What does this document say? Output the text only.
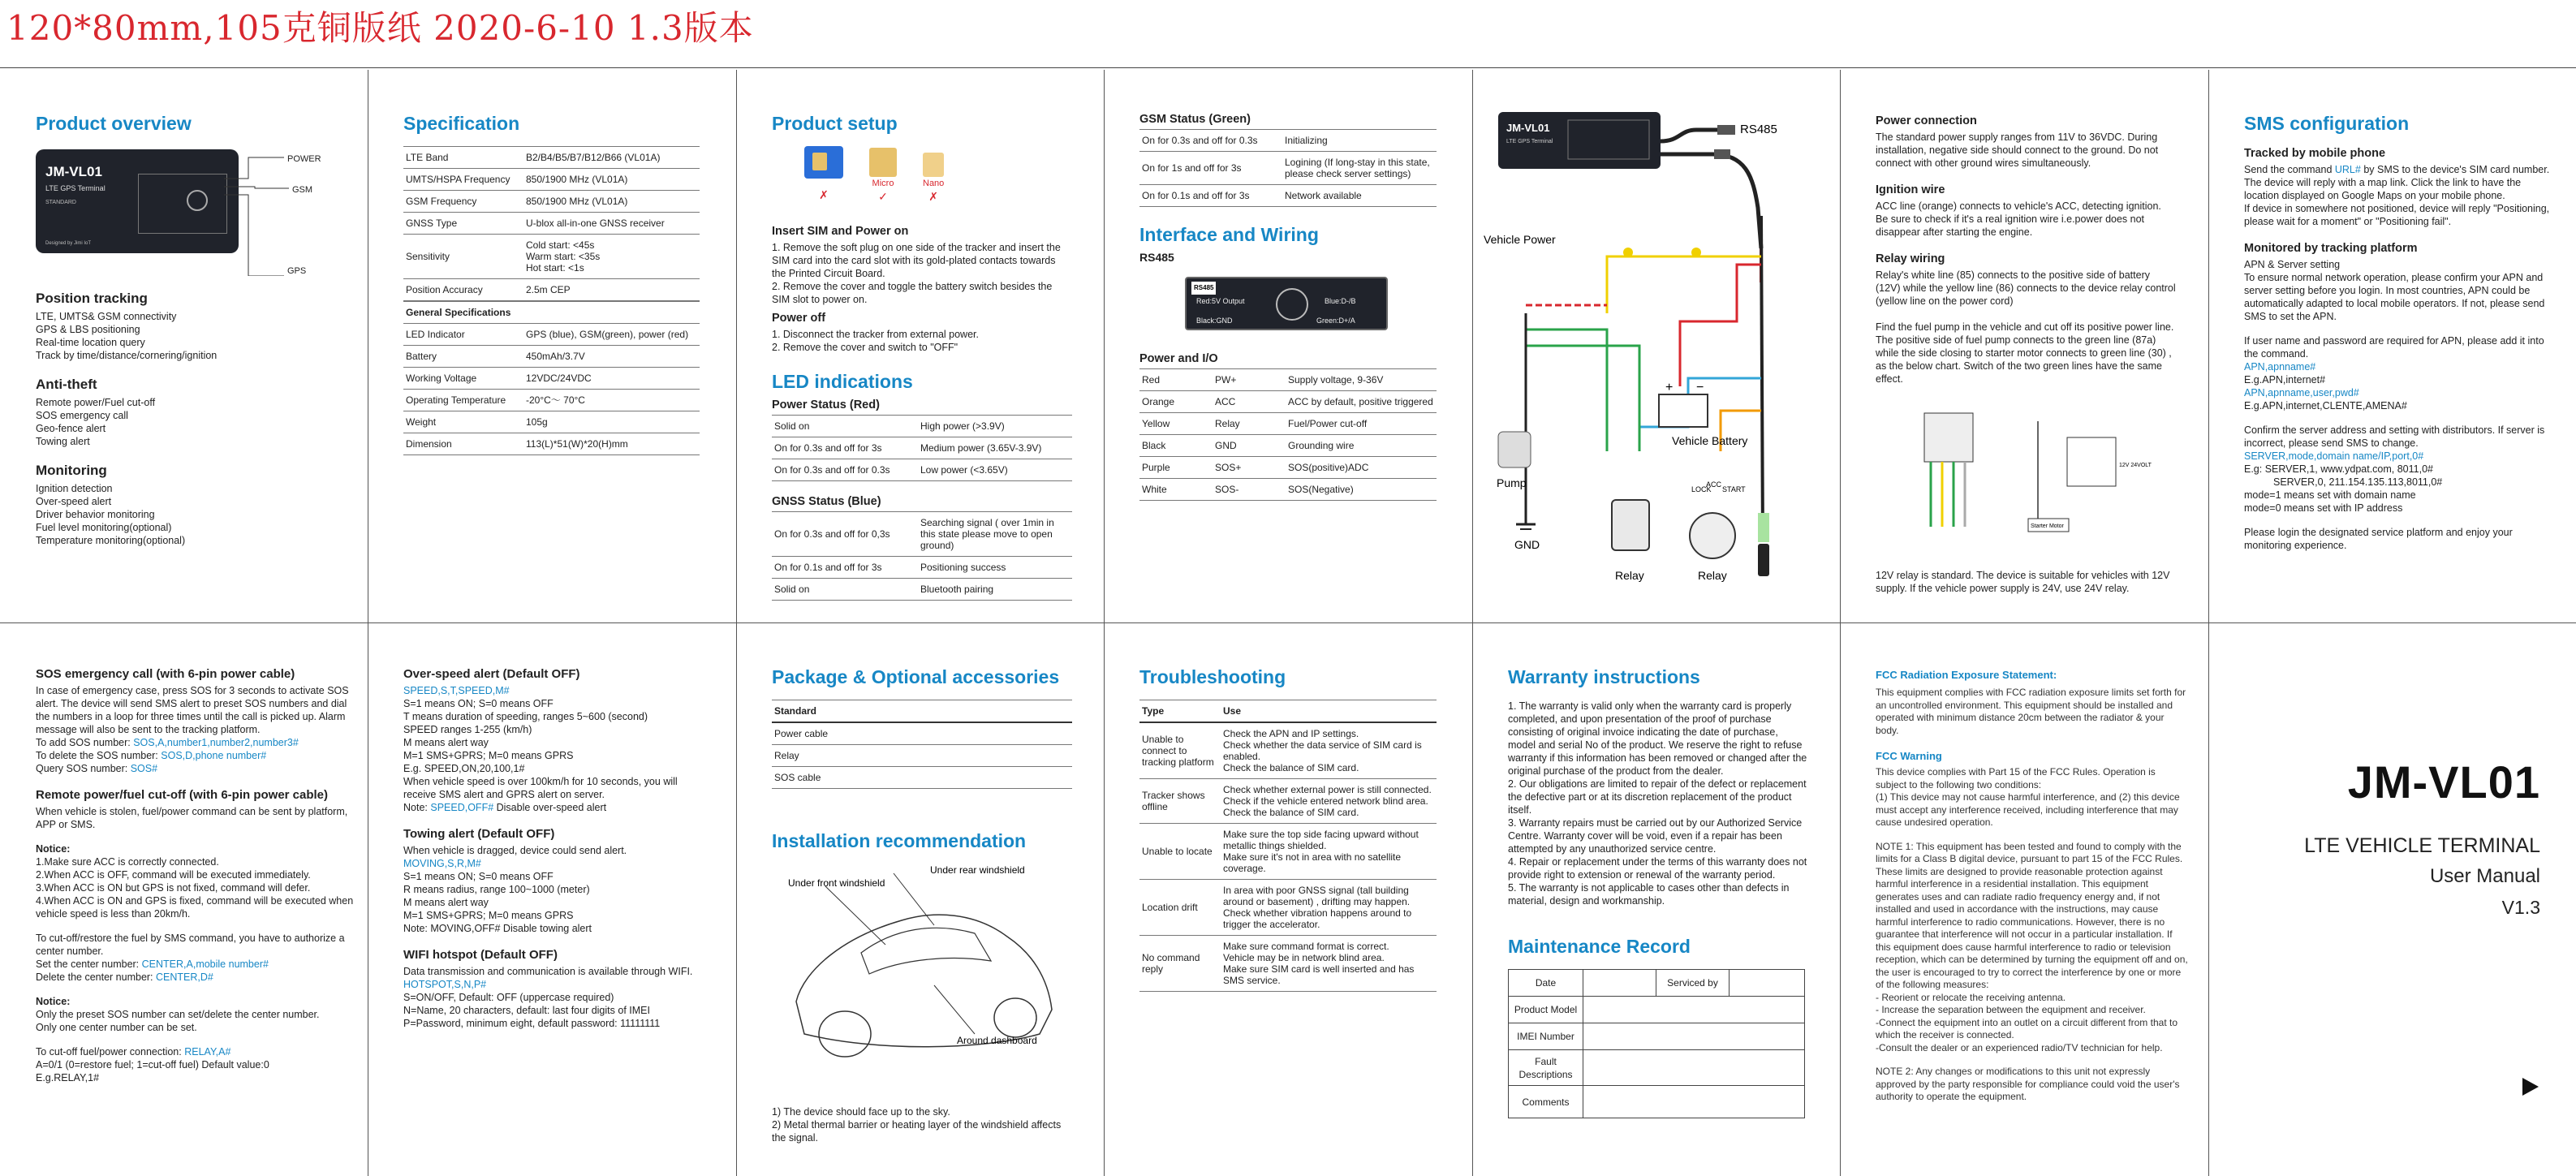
120*80mm,105克铜版纸 2020-6-10 1.3版本
Product overview
JM-VL01
LTE GPS Terminal
STANDARD
Designed by Jimi IoT
POWER
GSM
GPS
Position tracking
LTE, UMTS& GSM connectivity
GPS & LBS positioning
Real-time location query
Track by time/distance/cornering/ignition
Anti-theft
Remote power/Fuel cut-off
SOS emergency call
Geo-fence alert
Towing alert
Monitoring
Ignition detection
Over-speed alert
Driver behavior monitoring
Fuel level monitoring(optional)
Temperature monitoring(optional)
Specification
LTE Band	B2/B4/B5/B7/B12/B66 (VL01A)
UMTS/HSPA Frequency	850/1900 MHz (VL01A)
GSM Frequency	850/1900 MHz (VL01A)
GNSS Type	U-blox all-in-one GNSS receiver
Sensitivity	Cold start: <45s
Warm start: <35s
Hot start: <1s
Position Accuracy	2.5m CEP
General Specifications	
LED Indicator	GPS (blue), GSM(green), power (red)
Battery	450mAh/3.7V
Working Voltage	12VDC/24VDC
Operating Temperature	-20°C～ 70°C
Weight	105g
Dimension	113(L)*51(W)*20(H)mm
Product setup
✗
Micro
✓
Nano
✗
Insert SIM and Power on
1. Remove the soft plug on one side of the tracker and insert the SIM card into the card slot with its gold-plated contacts towards the Printed Circuit Board.
2. Remove the cover and toggle the battery switch besides the SIM slot to power on.
Power off
1. Disconnect the tracker from external power.
2. Remove the cover and switch to "OFF"
LED indications
Power Status (Red)
Solid on	High power (>3.9V)
On for 0.3s and off for 3s	Medium power (3.65V-3.9V)
On for 0.3s and off for 0.3s	Low power (<3.65V)
GNSS Status (Blue)
On for 0.3s and off for 0,3s	Searching signal ( over 1min in this state please move to open ground)
On for 0.1s and off for 3s	Positioning success
Solid on	Bluetooth pairing
GSM Status (Green)
On for 0.3s and off for 0.3s	Initializing
On for 1s and off for 3s	Logining (If long-stay in this state, please check server settings)
On for 0.1s and off for 3s	Network available
Interface and Wiring
RS485
RS485
Red:5V Output	Blue:D-/B
Black:GND	Green:D+/A
Power and I/O
Red	PW+	Supply voltage, 9-36V
Orange	ACC	ACC by default, positive triggered
Yellow	Relay	Fuel/Power cut-off
Black	GND	Grounding wire
Purple	SOS+	SOS(positive)ADC
White	SOS-	SOS(Negative)
JM-VL01
LTE GPS Terminal
RS485
Vehicle Power
+ −
Vehicle Battery
Pump
GND
Relay
LOCK
ACC
START
Relay
Power connection
The standard power supply ranges from 11V to 36VDC. During installation, negative side should connect to the ground. Do not connect with other ground wires simultaneously.
Ignition wire
ACC line (orange) connects to vehicle's ACC, detecting ignition. Be sure to check if it's a real ignition wire i.e.power does not disappear after starting the engine.
Relay wiring
Relay's white line (85) connects to the positive side of battery (12V) while the yellow line (86) connects to the device relay control (yellow line on the power cord)
Find the fuel pump in the vehicle and cut off its positive power line. The positive side of fuel pump connects to the green line (87a) while the side closing to starter motor connects to green line (30) , as the below chart. Switch of the two green lines have the same effect.
Starter Motor
12V 24VOLT
12V relay is standard. The device is suitable for vehicles with 12V supply. If the vehicle power supply is 24V, use 24V relay.
SMS configuration
Tracked by mobile phone
Send the command URL# by SMS to the device's SIM card number. The device will reply with a map link. Click the link to have the location displayed on Google Maps on your mobile phone.
If device in somewhere not positioned, device will reply "Positioning, please wait for a moment" or "Positioning fail".
Monitored by tracking platform
APN & Server setting
To ensure normal network operation, please confirm your APN and server setting before you login. In most countries, APN could be automatically adapted to local mobile operators. If not, please send SMS to set the APN.
If user name and password are required for APN, please add it into the command.
APN,apnname#
E.g.APN,internet#
APN,apnname,user,pwd#
E.g.APN,internet,CLENTE,AMENA#
Confirm the server address and setting with distributors. If server is incorrect, please send SMS to change.
SERVER,mode,domain name/IP,port,0#
E.g: SERVER,1, www.ydpat.com, 8011,0#
SERVER,0, 211.154.135.113,8011,0#
mode=1 means set with domain name
mode=0 means set with IP address
Please login the designated service platform and enjoy your monitoring experience.
SOS emergency call (with 6-pin power cable)
In case of emergency case, press SOS for 3 seconds to activate SOS alert. The device will send SMS alert to preset SOS numbers and dial the numbers in a loop for three times until the call is picked up. Alarm message will also be sent to the tracking platform.
To add SOS number: SOS,A,number1,number2,number3#
To delete the SOS number: SOS,D,phone number#
Query SOS number: SOS#
Remote power/fuel cut-off (with 6-pin power cable)
When vehicle is stolen, fuel/power command can be sent by platform, APP or SMS.
Notice:
1.Make sure ACC is correctly connected.
2.When ACC is OFF, command will be executed immediately.
3.When ACC is ON but GPS is not fixed, command will defer.
4.When ACC is ON and GPS is fixed, command will be executed when vehicle speed is less than 20km/h.
To cut-off/restore the fuel by SMS command, you have to authorize a center number.
Set the center number: CENTER,A,mobile number#
Delete the center number: CENTER,D#
Notice:
Only the preset SOS number can set/delete the center number.
Only one center number can be set.
To cut-off fuel/power connection: RELAY,A#
A=0/1 (0=restore fuel; 1=cut-off fuel) Default value:0
E.g.RELAY,1#
Over-speed alert (Default OFF)
SPEED,S,T,SPEED,M#
S=1 means ON; S=0 means OFF
T means duration of speeding, ranges 5~600 (second)
SPEED ranges 1-255 (km/h)
M means alert way
M=1 SMS+GPRS; M=0 means GPRS
E.g. SPEED,ON,20,100,1#
When vehicle speed is over 100km/h for 10 seconds, you will receive SMS alert and GPRS alert on server.
Note: SPEED,OFF# Disable over-speed alert
Towing alert (Default OFF)
When vehicle is dragged, device could send alert.
MOVING,S,R,M#
S=1 means ON; S=0 means OFF
R means radius, range 100~1000 (meter)
M means alert way
M=1 SMS+GPRS; M=0 means GPRS
Note: MOVING,OFF# Disable towing alert
WIFI hotspot (Default OFF)
Data transmission and communication is available through WIFI.
HOTSPOT,S,N,P#
S=ON/OFF, Default: OFF (uppercase required)
N=Name, 20 characters, default: last four digits of IMEI
P=Password, minimum eight, default password: 11111111
Package & Optional accessories
Standard
Power cable
Relay
SOS cable
Installation recommendation
Under rear windshield
Under front windshield
Around dashboard
1) The device should face up to the sky.
2) Metal thermal barrier or heating layer of the windshield affects the signal.
Troubleshooting
Type	Use
Unable to connect to tracking platform	Check the APN and IP settings.
Check whether the data service of SIM card is enabled.
Check the balance of SIM card.
Tracker shows offline	Check whether external power is still connected.
Check if the vehicle entered network blind area.
Check the balance of SIM card.
Unable to locate	Make sure the top side facing upward without metallic things shielded.
Make sure it's not in area with no satellite coverage.
Location drift	In area with poor GNSS signal (tall building around or basement) , drifting may happen.
Check whether vibration happens around to trigger the accelerator.
No command reply	Make sure command format is correct.
Vehicle may be in network blind area.
Make sure SIM card is well inserted and has SMS service.
Warranty instructions
1. The warranty is valid only when the warranty card is properly completed, and upon presentation of the proof of purchase consisting of original invoice indicating the date of purchase, model and serial No of the product. We reserve the right to refuse warranty if this information has been removed or changed after the original purchase of the product from the dealer.
2. Our obligations are limited to repair of the defect or replacement the defective part or at its discretion replacement of the product itself.
3. Warranty repairs must be carried out by our Authorized Service Centre. Warranty cover will be void, even if a repair has been attempted by any unauthorized service centre.
4. Repair or replacement under the terms of this warranty does not provide right to extension or renewal of the warranty period.
5. The warranty is not applicable to cases other than defects in material, design and workmanship.
Maintenance Record
Date		Serviced by	
Product Model			
IMEI Number			
Fault Descriptions			
Comments			
FCC Radiation Exposure Statement:
This equipment complies with FCC radiation exposure limits set forth for an uncontrolled environment. This equipment should be installed and operated with minimum distance 20cm between the radiator & your body.
FCC Warning
This device complies with Part 15 of the FCC Rules. Operation is subject to the following two conditions:
(1) This device may not cause harmful interference, and (2) this device must accept any interference received, including interference that may cause undesired operation.
NOTE 1: This equipment has been tested and found to comply with the limits for a Class B digital device, pursuant to part 15 of the FCC Rules. These limits are designed to provide reasonable protection against harmful interference in a residential installation. This equipment generates uses and can radiate radio frequency energy and, if not installed and used in accordance with the instructions, may cause harmful interference to radio communications. However, there is no guarantee that interference will not occur in a particular installation. If this equipment does cause harmful interference to radio or television reception, which can be determined by turning the equipment off and on, the user is encouraged to try to correct the interference by one or more of the following measures:
- Reorient or relocate the receiving antenna.
- Increase the separation between the equipment and receiver.
-Connect the equipment into an outlet on a circuit different from that to which the receiver is connected.
-Consult the dealer or an experienced radio/TV technician for help.
NOTE 2: Any changes or modifications to this unit not expressly approved by the party responsible for compliance could void the user's authority to operate the equipment.
JM-VL01
LTE VEHICLE TERMINAL
User Manual
V1.3
